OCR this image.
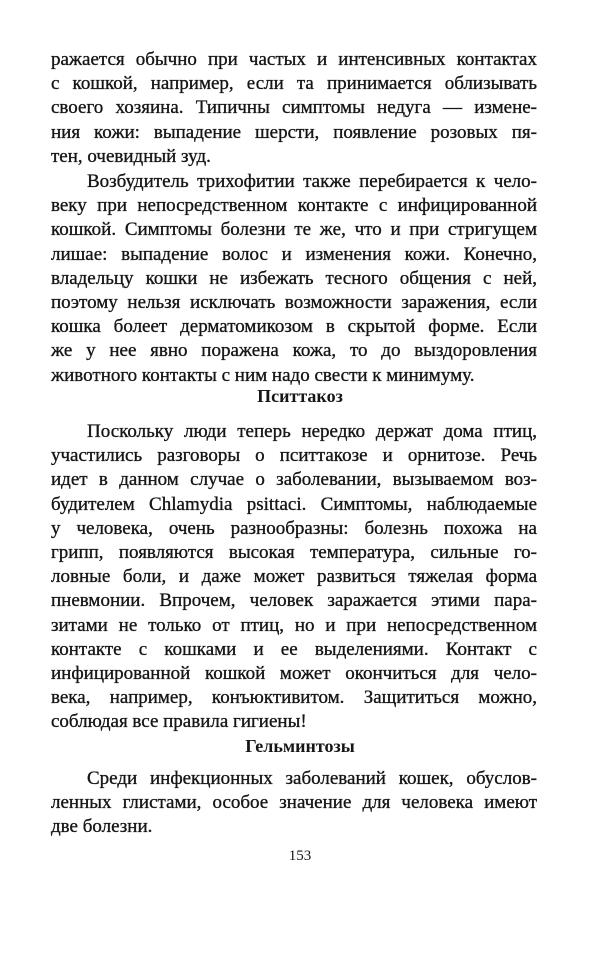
ражается обычно при частых и интенсивных контактах
с кошкой, например, если та принимается облизывать
своего хозяина. Типичны симптомы недуга — измене-
ния кожи: выпадение шерсти, появление розовых пя-
тен, очевидный зуд.
Возбудитель трихофитии также перебирается к чело-
веку при непосредственном контакте с инфицированной
кошкой. Симптомы болезни те же, что и при стригущем
лишае: выпадение волос и изменения кожи. Конечно,
владельцу кошки не избежать тесного общения с ней,
поэтому нельзя исключать возможности заражения, если
кошка болеет дерматомикозом в скрытой форме. Если
же у нее явно поражена кожа, то до выздоровления
животного контакты с ним надо свести к минимуму.
Пситтакоз
Поскольку люди теперь нередко держат дома птиц,
участились разговоры о пситтакозе и орнитозе. Речь
идет в данном случае о заболевании, вызываемом воз-
будителем Chlamydia psittaci. Симптомы, наблюдаемые
у человека, очень разнообразны: болезнь похожа на
грипп, появляются высокая температура, сильные го-
ловные боли, и даже может развиться тяжелая форма
пневмонии. Впрочем, человек заражается этими пара-
зитами не только от птиц, но и при непосредственном
контакте с кошками и ее выделениями. Контакт с
инфицированной кошкой может окончиться для чело-
века, например, конъюктивитом. Защититься можно,
соблюдая все правила гигиены!
Гельминтозы
Среди инфекционных заболеваний кошек, обуслов-
ленных глистами, особое значение для человека имеют
две болезни.
153
